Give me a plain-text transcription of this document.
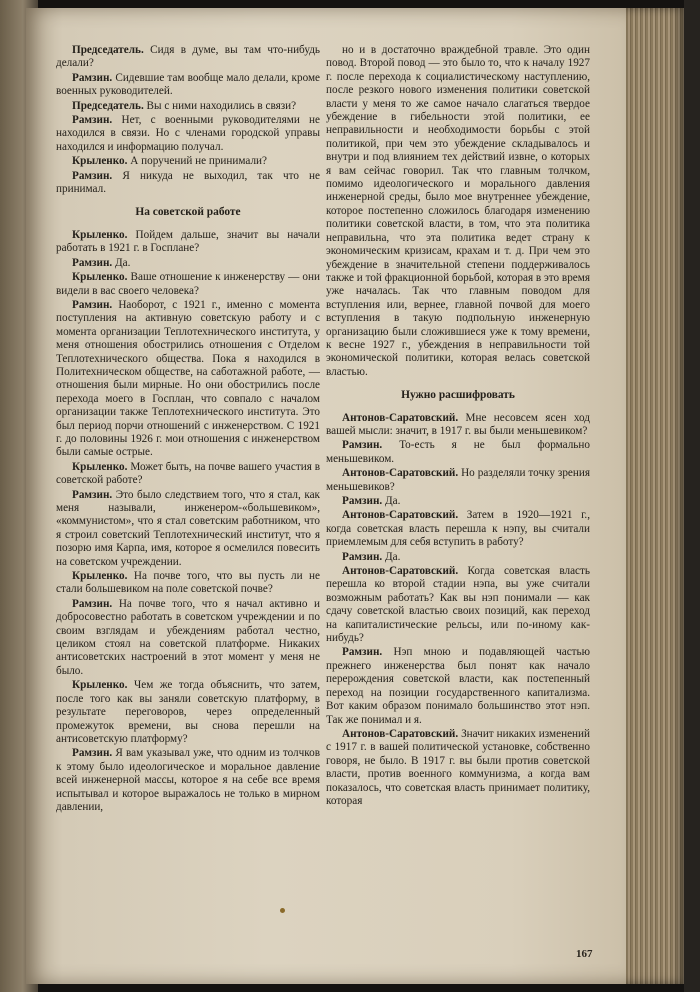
Председатель. Сидя в думе, вы там что-нибудь делали?

Рамзин. Сидевшие там вообще мало делали, кроме военных руководителей.

Председатель. Вы с ними находились в связи?

Рамзин. Нет, с военными руководителями не находился в связи. Но с членами городской управы находился и информацию получал.

Крыленко. А поручений не принимали?

Рамзин. Я никуда не выходил, так что не принимал.

На советской работе

Крыленко. Пойдем дальше, значит вы начали работать в 1921 г. в Госплане?

Рамзин. Да.

Крыленко. Ваше отношение к инженерству — они видели в вас своего человека?

Рамзин. Наоборот, с 1921 г., именно с момента поступления на активную советскую работу и с момента организации Теплотехнического института, у меня отношения обострились отношения с Отделом Теплотехнического общества. Пока я находился в Политехническом обществе, на саботажной работе, — отношения были мирные. Но они обострились после перехода моего в Госплан, что совпало с началом организации также Теплотехнического института. Это был период порчи отношений с инженерством. С 1921 г. до половины 1926 г. мои отношения с инженерством были самые острые.

Крыленко. Может быть, на почве вашего участия в советской работе?

Рамзин. Это было следствием того, что я стал, как меня называли, инженером-«большевиком», «коммунистом», что я стал советским работником, что я строил советский Теплотехнический институт, что я позорю имя Карпа, имя, которое я осмелился повесить на советском учреждении.

Крыленко. На почве того, что вы пусть ли не стали большевиком на поле советской почве?

Рамзин. На почве того, что я начал активно и добросовестно работать в советском учреждении и по своим взглядам и убеждениям работал честно, целиком стоял на советской платформе. Никаких антисоветских настроений в этот момент у меня не было.

Крыленко. Чем же тогда объяснить, что затем, после того как вы заняли советскую платформу, в результате переговоров, через определенный промежуток времени, вы снова перешли на антисоветскую платформу?

Рамзин. Я вам указывал уже, что одним из толчков к этому было идеологическое и моральное давление всей инженерной массы, которое я на себе все время испытывал и которое выражалось не только в мирном давлении,

но и в достаточно враждебной травле. Это один повод. Второй повод — это было то, что к началу 1927 г. после перехода к социалистическому наступлению, после резкого нового изменения политики советской власти у меня то же самое начало слагаться твердое убеждение в гибельности этой политики, ее неправильности и необходимости борьбы с этой политикой, при чем это убеждение складывалось и внутри и под влиянием тех действий извне, о которых я вам сейчас говорил. Так что главным толчком, помимо идеологического и морального давления инженерной среды, было мое внутреннее убеждение, которое постепенно сложилось благодаря изменению политики советской власти, в том, что эта политика неправильна, что эта политика ведет страну к экономическим кризисам, крахам и т. д. При чем это убеждение в значительной степени поддерживалось также и той фракционной борьбой, которая в это время уже началась. Так что главным поводом для вступления или, вернее, главной почвой для моего вступления в такую подпольную инженерную организацию были сложившиеся уже к тому времени, к весне 1927 г., убеждения в неправильности той экономической политики, которая велась советской властью.

Нужно расшифровать

Антонов-Саратовский. Мне несовсем ясен ход вашей мысли: значит, в 1917 г. вы были меньшевиком?

Рамзин. То-есть я не был формально меньшевиком.

Антонов-Саратовский. Но разделяли точку зрения меньшевиков?

Рамзин. Да.

Антонов-Саратовский. Затем в 1920—1921 г., когда советская власть перешла к нэпу, вы считали приемлемым для себя вступить в работу?

Рамзин. Да.

Антонов-Саратовский. Когда советская власть перешла ко второй стадии нэпа, вы уже считали возможным работать? Как вы нэп понимали — как сдачу советской властью своих позиций, как переход на капиталистические рельсы, или по-иному как-нибудь?

Рамзин. Нэп мною и подавляющей частью прежнего инженерства был понят как начало перерождения советской власти, как постепенный переход на позиции государственного капитализма. Вот каким образом понимало большинство этот нэп. Так же понимал и я.

Антонов-Саратовский. Значит никаких изменений с 1917 г. в вашей политической установке, собственно говоря, не было. В 1917 г. вы были против советской власти, против военного коммунизма, а когда вам показалось, что советская власть принимает политику, которая

167
